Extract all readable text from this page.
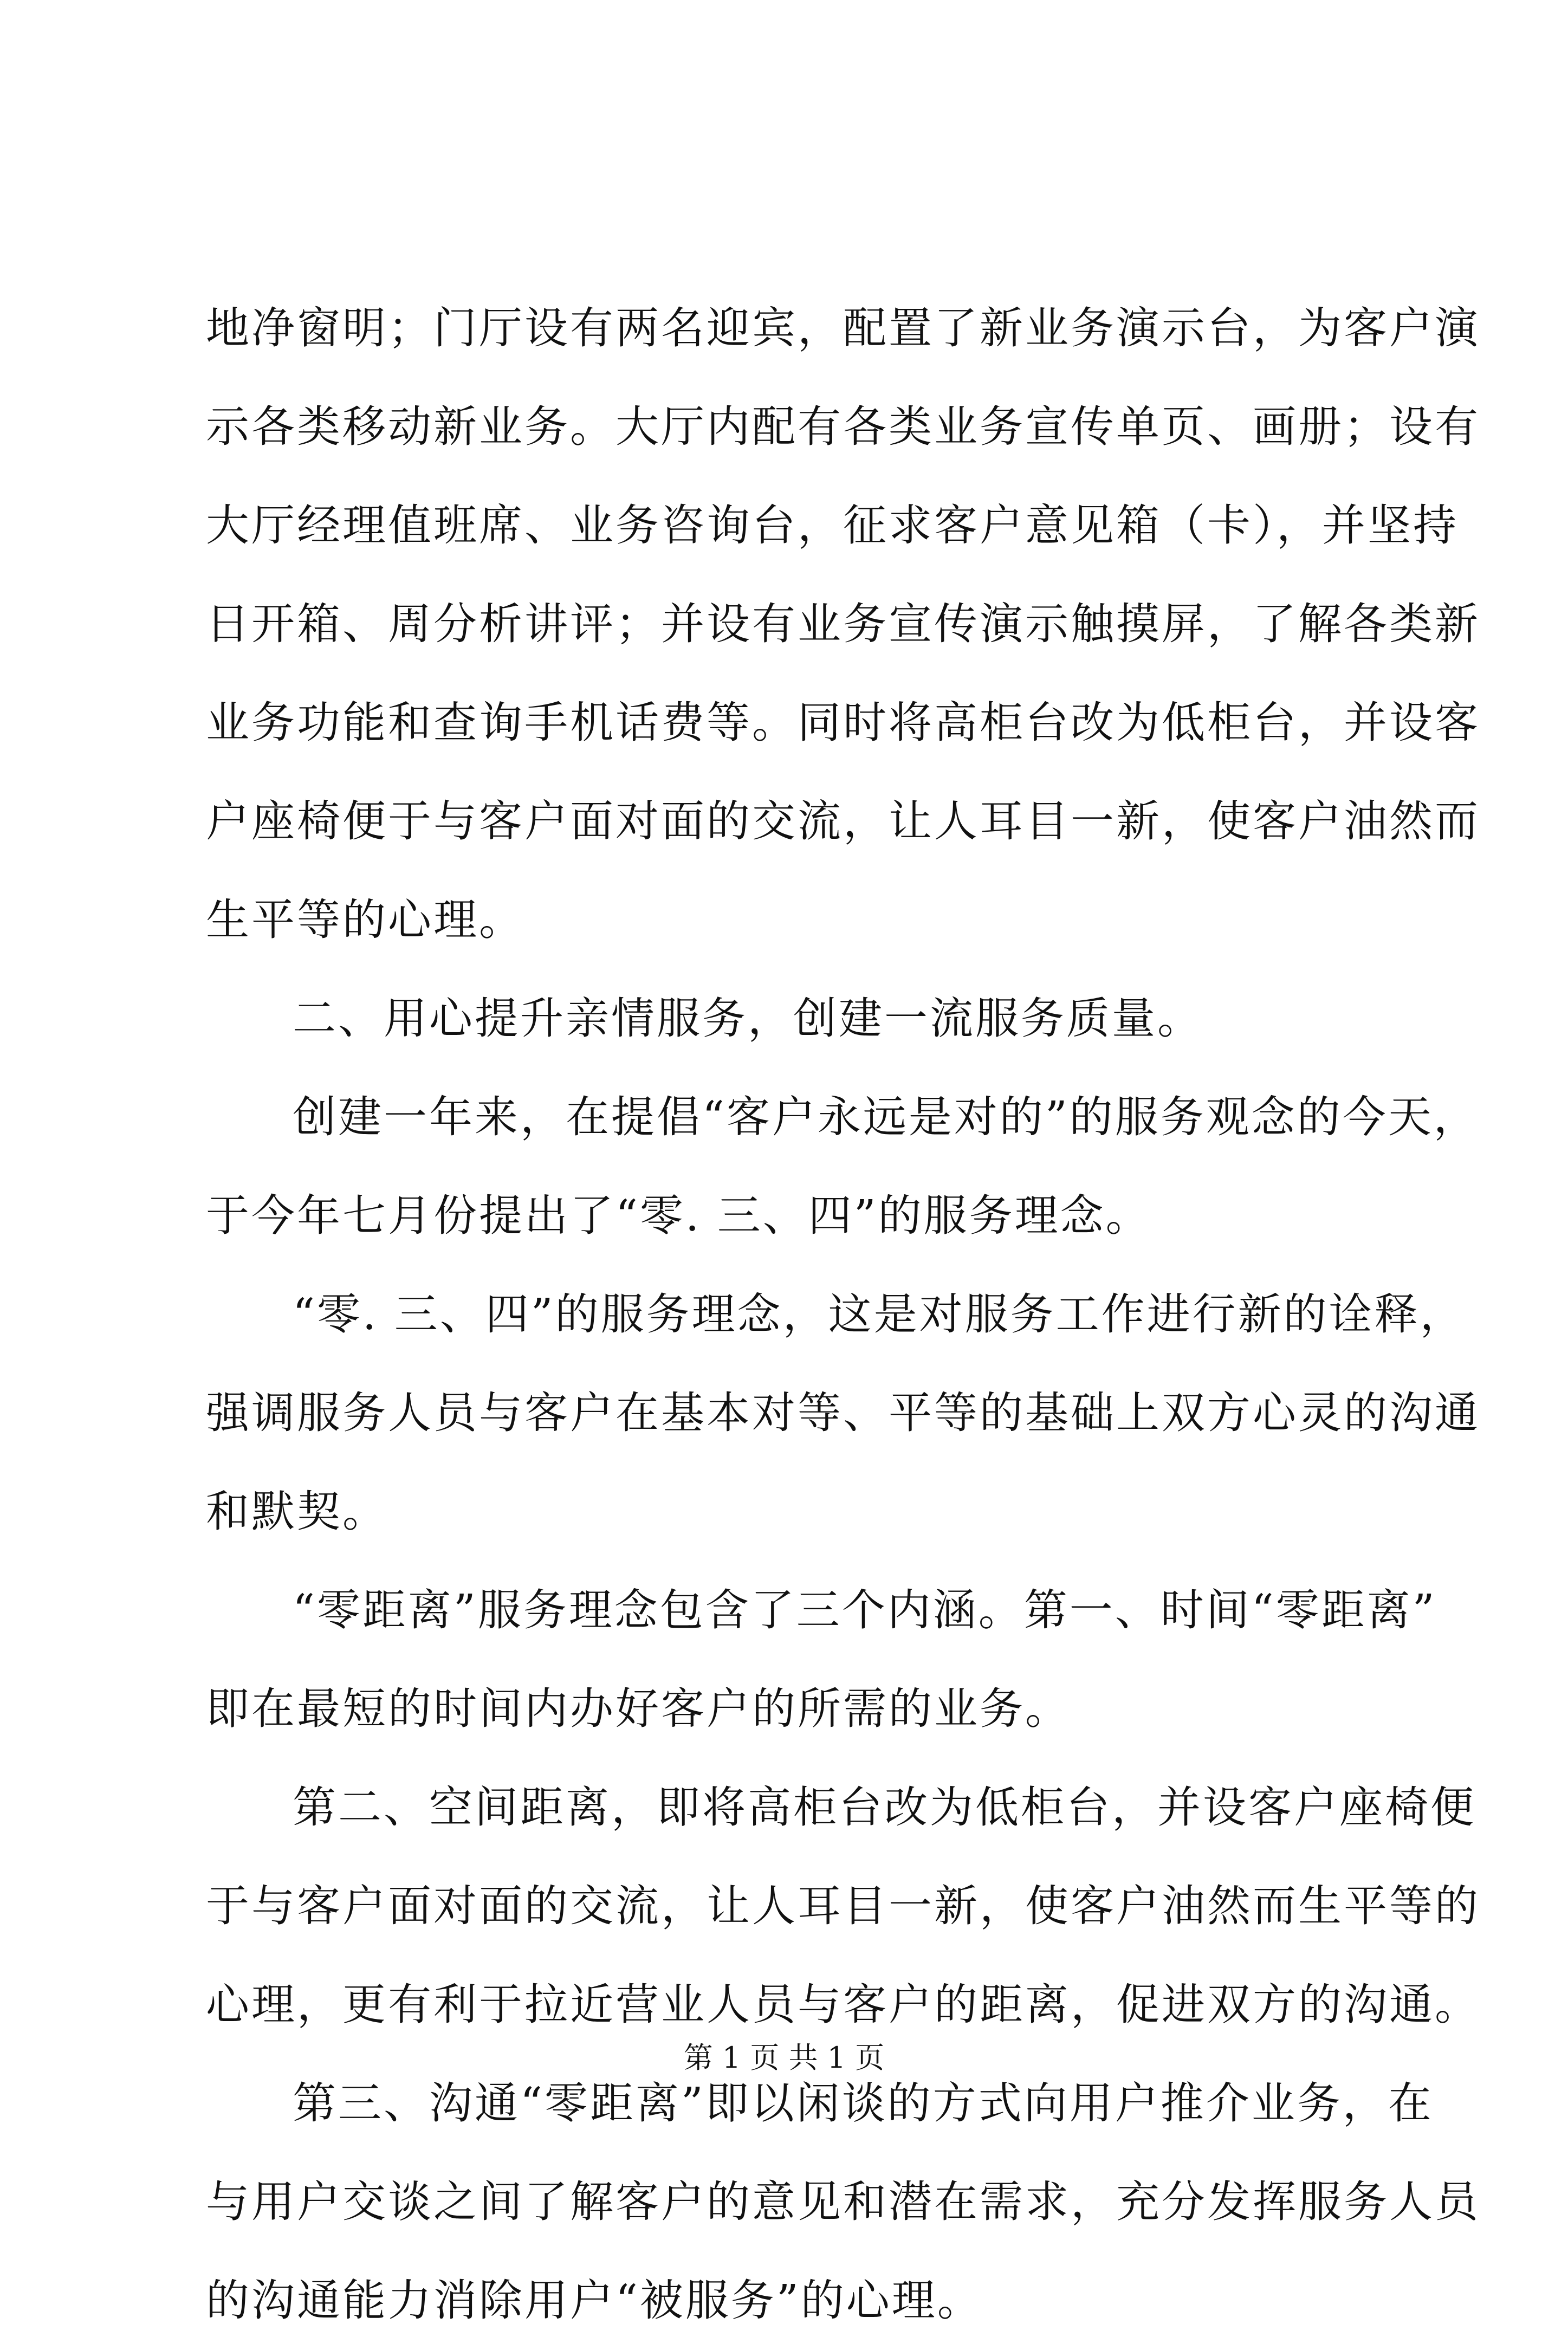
地净窗明；门厅设有两名迎宾，配置了新业务演示台，为客户演
示各类移动新业务。大厅内配有各类业务宣传单页、画册；设有
大厅经理值班席、业务咨询台，征求客户意见箱（卡），并坚持
日开箱、周分析讲评；并设有业务宣传演示触摸屏，了解各类新
业务功能和查询手机话费等。同时将高柜台改为低柜台，并设客
户座椅便于与客户面对面的交流，让人耳目一新，使客户油然而
生平等的心理。
二、用心提升亲情服务，创建一流服务质量。
创建一年来，在提倡“客户永远是对的”的服务观念的今天，
于今年七月份提出了“零. 三、四”的服务理念。
“零. 三、四”的服务理念，这是对服务工作进行新的诠释，
强调服务人员与客户在基本对等、平等的基础上双方心灵的沟通
和默契。
“零距离”服务理念包含了三个内涵。第一、时间“零距离”
即在最短的时间内办好客户的所需的业务。
第二、空间距离，即将高柜台改为低柜台，并设客户座椅便
于与客户面对面的交流，让人耳目一新，使客户油然而生平等的
心理，更有利于拉近营业人员与客户的距离，促进双方的沟通。
第三、沟通“零距离”即以闲谈的方式向用户推介业务，在
与用户交谈之间了解客户的意见和潜在需求，充分发挥服务人员
的沟通能力消除用户“被服务”的心理。
第 1 页 共 1 页
